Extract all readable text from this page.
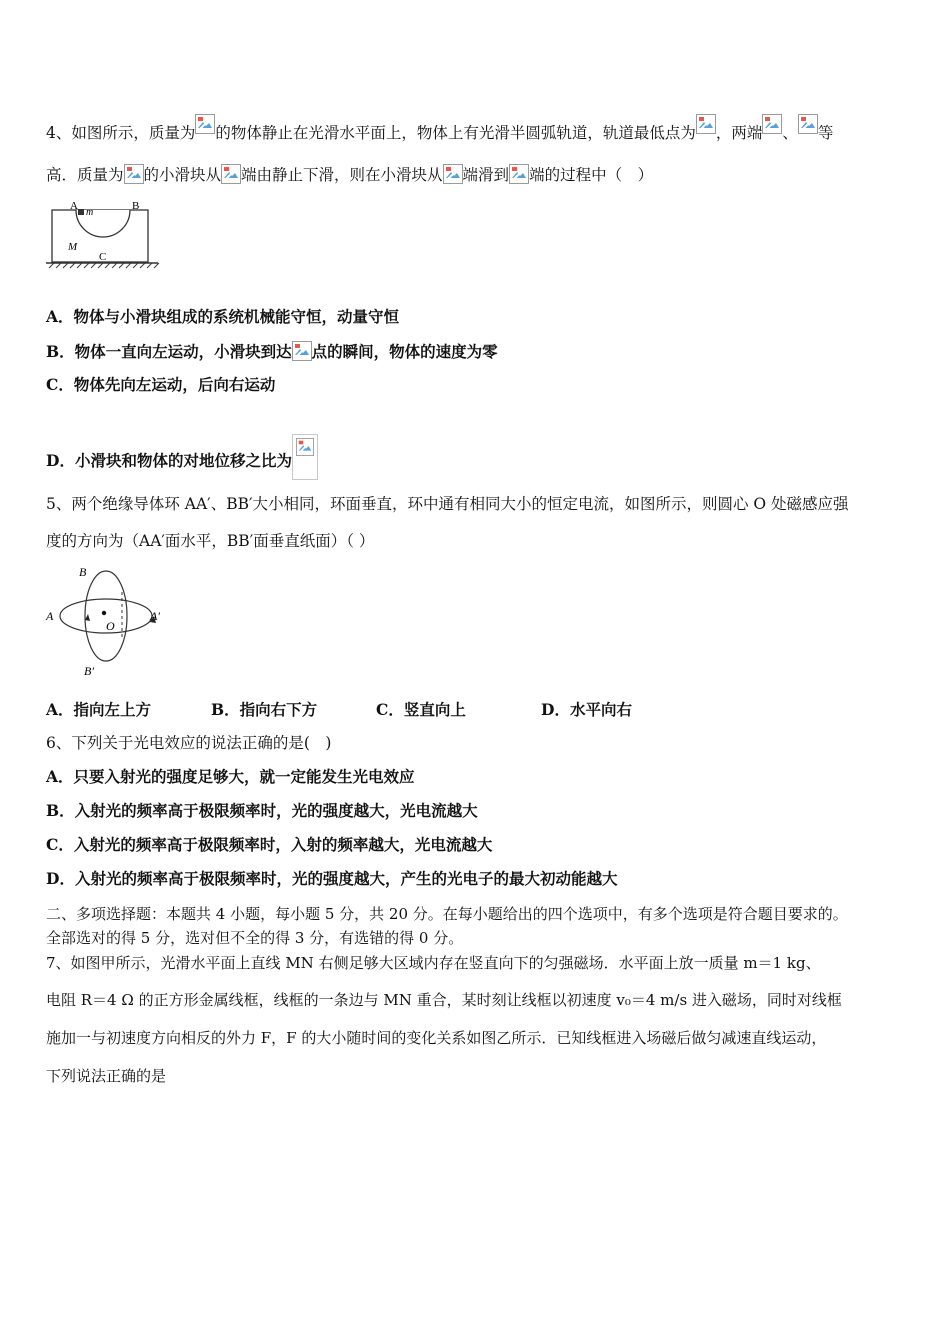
4、如图所示，质量为 的物体静止在光滑水平面上，物体上有光滑半圆弧轨道，轨道最低点为 ，两端 、 等
高．质量为 的小滑块从 端由静止下滑，则在小滑块从 端滑到 端的过程中（　）
A
m
B
M
C
A．物体与小滑块组成的系统机械能守恒，动量守恒
B．物体一直向左运动，小滑块到达 点的瞬间，物体的速度为零
C．物体先向左运动，后向右运动
D．小滑块和物体的对地位移之比为
5、两个绝缘导体环 AA′、BB′大小相同，环面垂直，环中通有相同大小的恒定电流，如图所示，则圆心 O 处磁感应强
度的方向为（AA′面水平，BB′面垂直纸面）（ ）
B
A
O
A′
B′
A．指向左上方	B．指向右下方	C．竖直向上	D．水平向右
6、下列关于光电效应的说法正确的是(　)
A．只要入射光的强度足够大，就一定能发生光电效应
B．入射光的频率高于极限频率时，光的强度越大，光电流越大
C．入射光的频率高于极限频率时，入射的频率越大，光电流越大
D．入射光的频率高于极限频率时，光的强度越大，产生的光电子的最大初动能越大
二、多项选择题：本题共 4 小题，每小题 5 分，共 20 分。在每小题给出的四个选项中，有多个选项是符合题目要求的。
全部选对的得 5 分，选对但不全的得 3 分，有选错的得 0 分。
7、如图甲所示，光滑水平面上直线 MN 右侧足够大区域内存在竖直向下的匀强磁场．水平面上放一质量 m＝1 kg、
电阻 R＝4 Ω 的正方形金属线框，线框的一条边与 MN 重合，某时刻让线框以初速度 v₀＝4 m/s 进入磁场，同时对线框
施加一与初速度方向相反的外力 F，F 的大小随时间的变化关系如图乙所示．已知线框进入场磁后做匀减速直线运动，
下列说法正确的是
